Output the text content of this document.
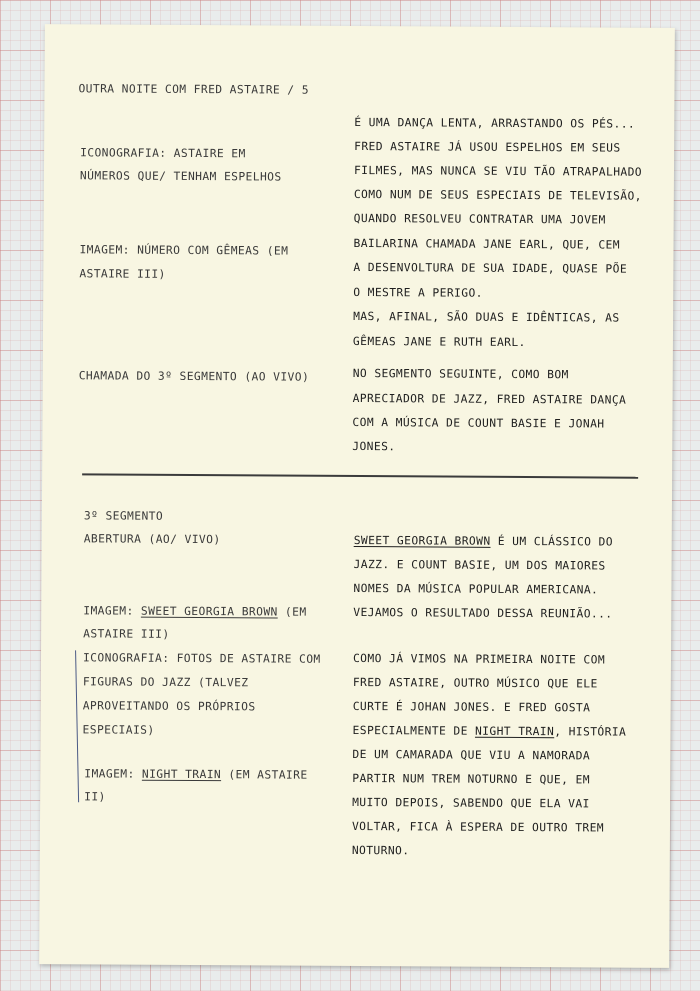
OUTRA NOITE COM FRED ASTAIRE / 5

ICONOGRAFIA: ASTAIRE EM

NÚMEROS QUE/ TENHAM ESPELHOS

IMAGEM: NÚMERO COM GÊMEAS (EM

ASTAIRE III)

CHAMADA DO 3º SEGMENTO (AO VIVO)

É UMA DANÇA LENTA, ARRASTANDO OS PÉS...

FRED ASTAIRE JÁ USOU ESPELHOS EM SEUS

FILMES, MAS NUNCA SE VIU TÃO ATRAPALHADO

COMO NUM DE SEUS ESPECIAIS DE TELEVISÃO,

QUANDO RESOLVEU CONTRATAR UMA JOVEM

BAILARINA CHAMADA JANE EARL, QUE, CEM

A DESENVOLTURA DE SUA IDADE, QUASE PÕE

O MESTRE A PERIGO.

MAS, AFINAL, SÃO DUAS E IDÊNTICAS, AS

GÊMEAS JANE E RUTH EARL.

NO SEGMENTO SEGUINTE, COMO BOM

APRECIADOR DE JAZZ, FRED ASTAIRE DANÇA

COM A MÚSICA DE COUNT BASIE E JONAH

JONES.

3º SEGMENTO

ABERTURA (AO/ VIVO)

IMAGEM: SWEET GEORGIA BROWN (EM

ASTAIRE III)

ICONOGRAFIA: FOTOS DE ASTAIRE COM

FIGURAS DO JAZZ (TALVEZ

APROVEITANDO OS PRÓPRIOS

ESPECIAIS)

IMAGEM: NIGHT TRAIN (EM ASTAIRE

II)

SWEET GEORGIA BROWN É UM CLÁSSICO DO

JAZZ. E COUNT BASIE, UM DOS MAIORES

NOMES DA MÚSICA POPULAR AMERICANA.

VEJAMOS O RESULTADO DESSA REUNIÃO...

COMO JÁ VIMOS NA PRIMEIRA NOITE COM

FRED ASTAIRE, OUTRO MÚSICO QUE ELE

CURTE É JOHAN JONES. E FRED GOSTA

ESPECIALMENTE DE NIGHT TRAIN, HISTÓRIA

DE UM CAMARADA QUE VIU A NAMORADA

PARTIR NUM TREM NOTURNO E QUE, EM

MUITO DEPOIS, SABENDO QUE ELA VAI

VOLTAR, FICA À ESPERA DE OUTRO TREM

NOTURNO.
